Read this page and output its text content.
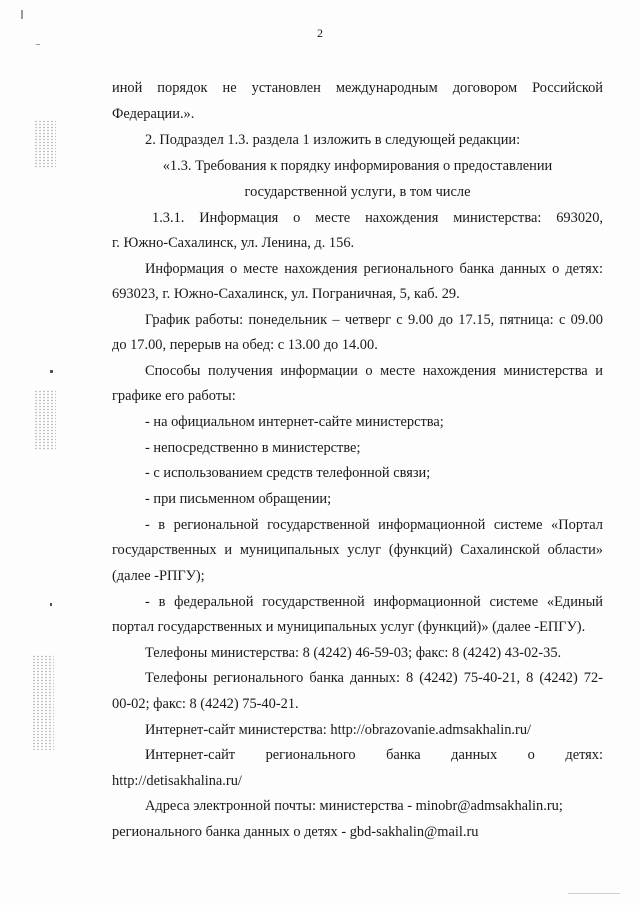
2
иной порядок не установлен международным договором Российской
Федерации.».
2. Подраздел 1.3. раздела 1 изложить в следующей редакции:
«1.3. Требования к порядку информирования о предоставлении
государственной услуги, в том числе
1.3.1. Информация о месте нахождения министерства: 693020,
г. Южно-Сахалинск, ул. Ленина, д. 156.
Информация о месте нахождения регионального банка данных о детях:
693023, г. Южно-Сахалинск, ул. Пограничная, 5, каб. 29.
График работы: понедельник – четверг с 9.00 до 17.15, пятница: с 09.00
до 17.00, перерыв на обед: с 13.00 до 14.00.
Способы получения информации о месте нахождения министерства и
графике его работы:
- на официальном интернет-сайте министерства;
- непосредственно в министерстве;
- с использованием средств телефонной связи;
- при письменном обращении;
- в региональной государственной информационной системе «Портал
государственных и муниципальных услуг (функций) Сахалинской области»
(далее -РПГУ);
- в федеральной государственной информационной системе «Единый
портал государственных и муниципальных услуг (функций)» (далее -ЕПГУ).
Телефоны министерства: 8 (4242) 46-59-03; факс: 8 (4242) 43-02-35.
Телефоны регионального банка данных: 8 (4242) 75-40-21, 8 (4242) 72-
00-02; факс: 8 (4242) 75-40-21.
Интернет-сайт министерства: http://obrazovanie.admsakhalin.ru/
Интернет-сайт регионального банка данных о детях:
http://detisakhalina.ru/
Адреса электронной почты: министерства - minobr@admsakhalin.ru;
регионального банка данных о детях - gbd-sakhalin@mail.ru
